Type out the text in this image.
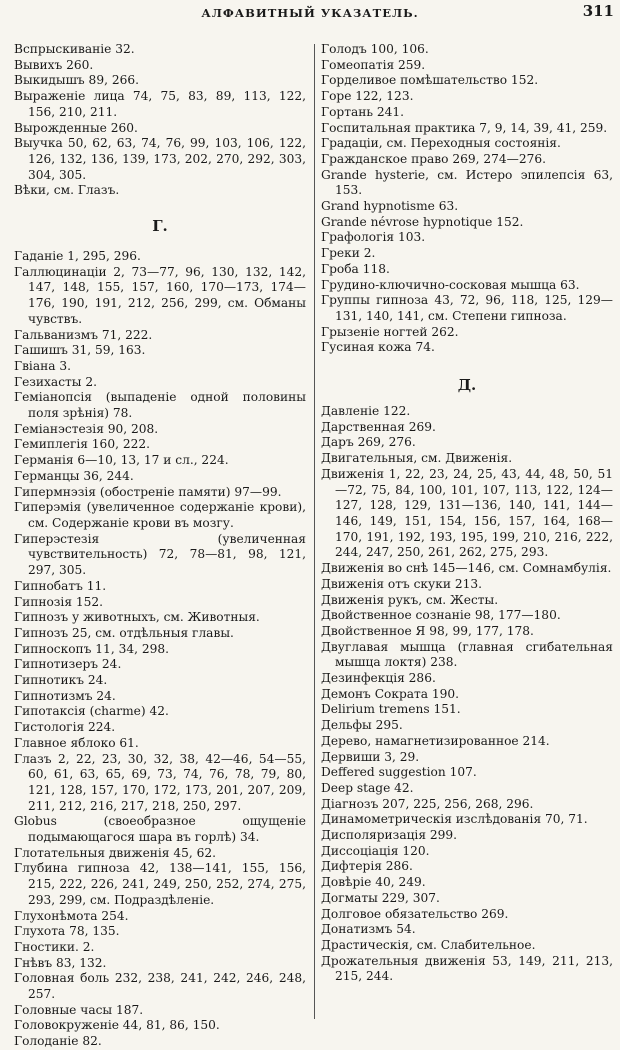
АЛФАВИТНЫЙ УКАЗАТЕЛЬ.	311
Вспрыскиваніе 32.
Вывихъ 260.
Выкидышъ 89, 266.
Выраженіе лица 74, 75, 83, 89, 113, 122, 156, 210, 211.
Вырожденные 260.
Выучка 50, 62, 63, 74, 76, 99, 103, 106, 122, 126, 132, 136, 139, 173, 202, 270, 292, 303, 304, 305.
Вѣки, см. Глазъ.
Г.
Гаданіе 1, 295, 296.
Галлюцинаціи 2, 73—77, 96, 130, 132, 142, 147, 148, 155, 157, 160, 170—173, 174—176, 190, 191, 212, 256, 299, см. Обманы чувствъ.
Гальванизмъ 71, 222.
Гашишъ 31, 59, 163.
Гвіана 3.
Гезихасты 2.
Геміанопсія (выпаденіе одной половины поля зрѣнія) 78.
Геміанэстезія 90, 208.
Гемиплегія 160, 222.
Германія 6—10, 13, 17 и сл., 224.
Германцы 36, 244.
Гипермнэзія (обостреніе памяти) 97—99.
Гиперэмія (увеличенное содержаніе крови), см. Содержаніе крови въ мозгу.
Гиперэстезія (увеличенная чувствительность) 72, 78—81, 98, 121, 297, 305.
Гипнобатъ 11.
Гипнозія 152.
Гипнозъ у животныхъ, см. Животныя.
Гипнозъ 25, см. отдѣльныя главы.
Гипноскопъ 11, 34, 298.
Гипнотизеръ 24.
Гипнотикъ 24.
Гипнотизмъ 24.
Гипотаксія (charme) 42.
Гистологія 224.
Главное яблоко 61.
Глазъ 2, 22, 23, 30, 32, 38, 42—46, 54—55, 60, 61, 63, 65, 69, 73, 74, 76, 78, 79, 80, 121, 128, 157, 170, 172, 173, 201, 207, 209, 211, 212, 216, 217, 218, 250, 297.
Globus (своеобразное ощущеніе подымающагося шара въ горлѣ) 34.
Глотательныя движенія 45, 62.
Глубина гипноза 42, 138—141, 155, 156, 215, 222, 226, 241, 249, 250, 252, 274, 275, 293, 299, см. Подраздѣленіе.
Глухонѣмота 254.
Глухота 78, 135.
Гностики. 2.
Гнѣвъ 83, 132.
Головная боль 232, 238, 241, 242, 246, 248, 257.
Головные часы 187.
Головокруженіе 44, 81, 86, 150.
Голоданіе 82.
Голодъ 100, 106.
Гомеопатія 259.
Горделивое помѣшательство 152.
Горе 122, 123.
Гортань 241.
Госпитальная практика 7, 9, 14, 39, 41, 259.
Градаціи, см. Переходныя состоянія.
Гражданское право 269, 274—276.
Grande hysterie, см. Истеро эпилепсія 63, 153.
Grand hypnotisme 63.
Grande névrose hypnotique 152.
Графологія 103.
Греки 2.
Гроба 118.
Грудино-ключично-сосковая мышца 63.
Группы гипноза 43, 72, 96, 118, 125, 129—131, 140, 141, см. Степени гипноза.
Грызеніе ногтей 262.
Гусиная кожа 74.
Д.
Давленіе 122.
Дарственная 269.
Даръ 269, 276.
Двигательныя, см. Движенія.
Движенія 1, 22, 23, 24, 25, 43, 44, 48, 50, 51—72, 75, 84, 100, 101, 107, 113, 122, 124—127, 128, 129, 131—136, 140, 141, 144—146, 149, 151, 154, 156, 157, 164, 168—170, 191, 192, 193, 195, 199, 210, 216, 222, 244, 247, 250, 261, 262, 275, 293.
Движенія во снѣ 145—146, см. Сомнамбулія.
Движенія отъ скуки 213.
Движенія рукъ, см. Жесты.
Двойственное сознаніе 98, 177—180.
Двойственное Я 98, 99, 177, 178.
Двуглавая мышца (главная сгибательная мышца локтя) 238.
Дезинфекція 286.
Демонъ Сократа 190.
Delirium tremens 151.
Дельфы 295.
Дерево, намагнетизированное 214.
Дервиши 3, 29.
Deffered suggestion 107.
Deep stage 42.
Діагнозъ 207, 225, 256, 268, 296.
Динамометрическія изслѣдованія 70, 71.
Дисполяризація 299.
Диссоціація 120.
Дифтерія 286.
Довѣріе 40, 249.
Догматы 229, 307.
Долговое обязательство 269.
Донатизмъ 54.
Драстическія, см. Слабительное.
Дрожательныя движенія 53, 149, 211, 213, 215, 244.
